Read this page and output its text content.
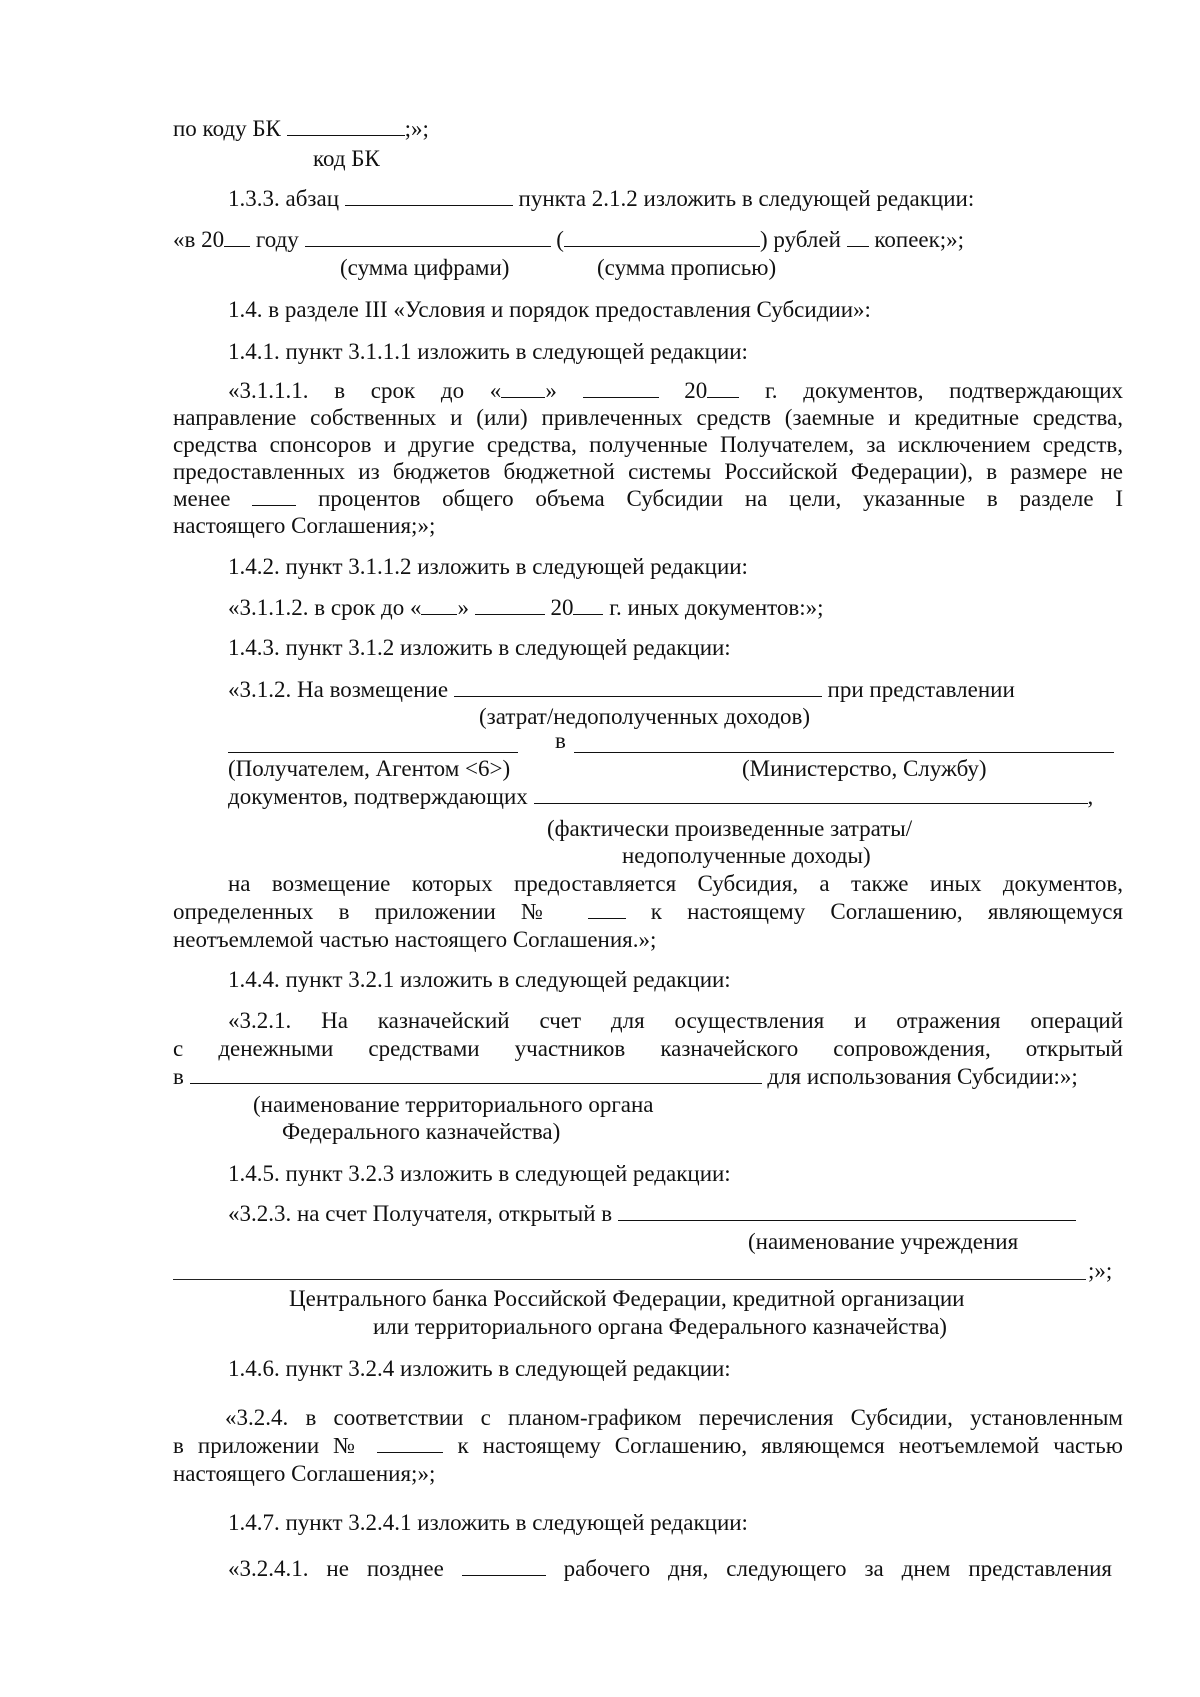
по коду БК	;»;
код БК
1.3.3. абзац	пункта 2.1.2 изложить в следующей редакции:
«в 20 году	(	) рублей  копеек;»;
(сумма цифрами)	(сумма прописью)
1.4. в разделе III «Условия и порядок предоставления Субсидии»:
1.4.1. пункт 3.1.1.1 изложить в следующей редакции:
«3.1.1.1. в срок до « »	20 г. документов, подтверждающих
направление собственных и (или) привлеченных средств (заемные и кредитные средства,
средства спонсоров и другие средства, полученные Получателем, за исключением средств,
предоставленных из бюджетов бюджетной системы Российской Федерации), в размере не
менее  процентов общего объема Субсидии на цели, указанные в разделе I
настоящего Соглашения;»;
1.4.2. пункт 3.1.1.2 изложить в следующей редакции:
«3.1.1.2. в срок до « »	20 г. иных документов:»;
1.4.3. пункт 3.1.2 изложить в следующей редакции:
«3.1.2. На возмещение	при представлении
(затрат/недополученных доходов)
в
(Получателем, Агентом <6>)	(Министерство, Службу)
документов, подтверждающих	,
(фактически произведенные затраты/
недополученные доходы)
на возмещение которых предоставляется Субсидия, а также иных документов,
определенных в приложении №  к настоящему Соглашению, являющемуся
неотъемлемой частью настоящего Соглашения.»;
1.4.4. пункт 3.2.1 изложить в следующей редакции:
«3.2.1. На казначейский счет для осуществления и отражения операций
с денежными средствами участников казначейского сопровождения, открытый
в	для использования Субсидии:»;
(наименование территориального органа
Федерального казначейства)
1.4.5. пункт 3.2.3 изложить в следующей редакции:
«3.2.3. на счет Получателя, открытый в
(наименование учреждения
;»;
Центрального банка Российской Федерации, кредитной организации
или территориального органа Федерального казначейства)
1.4.6. пункт 3.2.4 изложить в следующей редакции:
«3.2.4. в соответствии с планом-графиком перечисления Субсидии, установленным
в приложении №	к настоящему Соглашению, являющемся неотъемлемой частью
настоящего Соглашения;»;
1.4.7. пункт 3.2.4.1 изложить в следующей редакции:
«3.2.4.1. не позднее	рабочего дня, следующего за днем представления
